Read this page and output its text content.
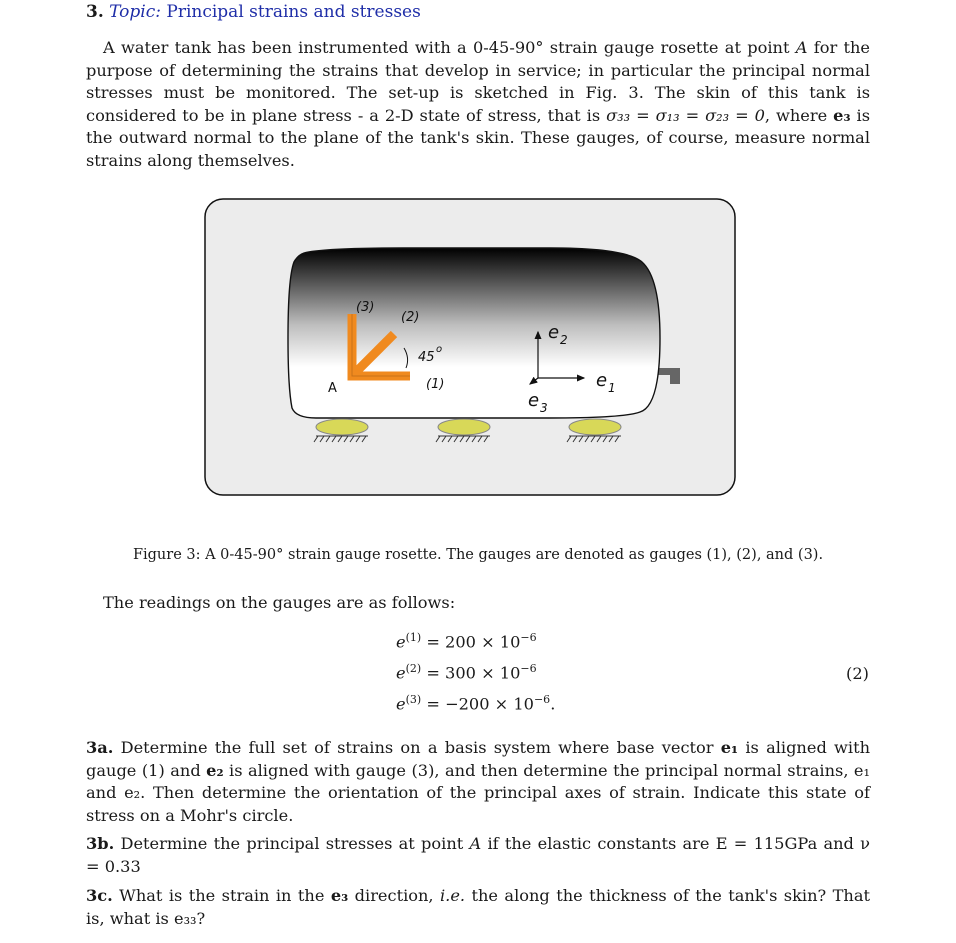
3. Topic: Principal strains and stresses
A water tank has been instrumented with a 0-45-90° strain gauge rosette at point A for the purpose of determining the strains that develop in service; in particular the principal normal stresses must be monitored. The set-up is sketched in Fig. 3. The skin of this tank is considered to be in plane stress - a 2-D state of stress, that is σ₃₃ = σ₁₃ = σ₂₃ = 0, where e₃ is the outward normal to the plane of the tank's skin. These gauges, of course, measure normal strains along themselves.
(3)
(2)
(1)
45
o
A
e 2
e 1
e 3
Figure 3: A 0-45-90° strain gauge rosette. The gauges are denoted as gauges (1), (2), and (3).
The readings on the gauges are as follows:
$e^{(1)} = 200 \times 10^{-6}$
$e^{(2)} = 300 \times 10^{-6}$
$e^{(3)} = -200 \times 10^{-6}$.
(2)
3a. Determine the full set of strains on a basis system where base vector e₁ is aligned with gauge (1) and e₂ is aligned with gauge (3), and then determine the principal normal strains, e₁ and e₂. Then determine the orientation of the principal axes of strain. Indicate this state of stress on a Mohr's circle.
3b. Determine the principal stresses at point A if the elastic constants are E = 115GPa and ν = 0.33
3c. What is the strain in the e₃ direction, i.e. the along the thickness of the tank's skin? That is, what is e₃₃?
